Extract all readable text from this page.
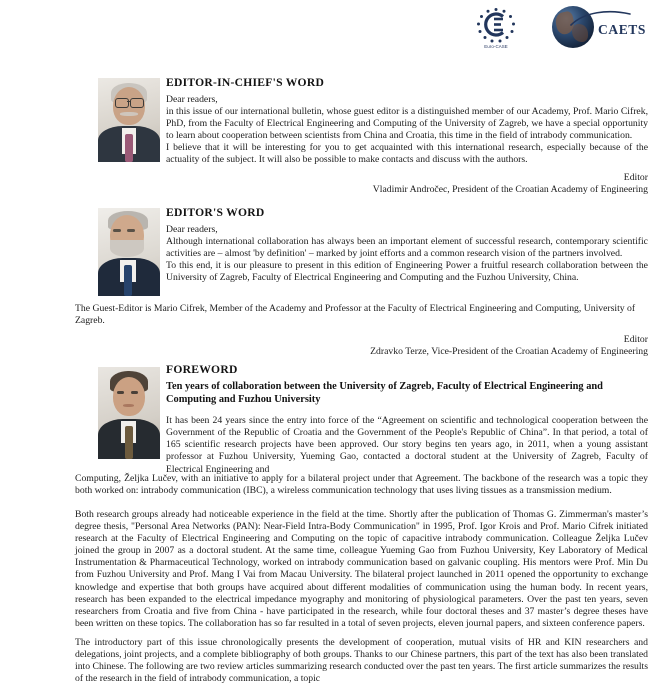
Euro-CASE
CAETS
EDITOR-IN-CHIEF'S WORD

Dear readers,

in this issue of our international bulletin, whose guest editor is a distinguished member of our Academy, Prof. Mario Cifrek, PhD, from the Faculty of Electrical Engineering and Computing of the University of Zagreb, we have a special opportunity to learn about cooperation between scientists from China and Croatia, this time in the field of intrabody communication.

I believe that it will be interesting for you to get acquainted with this international research, especially because of the actuality of the subject. It will also be possible to make contacts and discuss with the authors.

Editor

Vladimir Andročec, President of the Croatian Academy of Engineering

EDITOR'S WORD

Dear readers,

Although international collaboration has always been an important element of successful research, contemporary scientific activities are – almost 'by definition' – marked by joint efforts and a common research vision of the partners involved.

To this end, it is our pleasure to present in this edition of Engineering Power a fruitful research collaboration between the University of Zagreb, Faculty of Electrical Engineering and Computing and the Fuzhou University, China.

The Guest-Editor is Mario Cifrek, Member of the Academy and Professor at the Faculty of Electrical Engineering and Computing, University of Zagreb.

Editor

Zdravko Terze, Vice-President of the Croatian Academy of Engineering

FOREWORD
Ten years of collaboration between the University of Zagreb, Faculty of Electrical Engineering and Computing and Fuzhou University

It has been 24 years since the entry into force of the “Agreement on scientific and technological cooperation between the Government of the Republic of Croatia and the Government of the People's Republic of China”. In that period, a total of 165 scientific research projects have been approved. Our story begins ten years ago, in 2011, when a young assistant professor at Fuzhou University, Yueming Gao, contacted a doctoral student at the University of Zagreb, Faculty of Electrical Engineering and

Computing, Željka Lučev, with an initiative to apply for a bilateral project under that Agreement. The backbone of the research was a topic they both worked on: intrabody communication (IBC), a wireless communication technology that uses living tissues as a transmission medium.

Both research groups already had noticeable experience in the field at the time. Shortly after the publication of Thomas G. Zimmerman's master’s degree thesis, "Personal Area Networks (PAN): Near-Field Intra-Body Communication" in 1995, Prof. Igor Krois and Prof. Mario Cifrek initiated research at the Faculty of Electrical Engineering and Computing on the topic of capacitive intrabody communication. Colleague Željka Lučev joined the group in 2007 as a doctoral student. At the same time, colleague Yueming Gao from Fuzhou University, Key Laboratory of Medical Instrumentation & Pharmaceutical Technology, worked on intrabody communication based on galvanic coupling. His mentors were Prof. Min Du from Fuzhou University and Prof. Mang I Vai from Macau University. The bilateral project launched in 2011 opened the opportunity to exchange knowledge and expertise that both groups have acquired about different modalities of communication using the human body. In recent years, research has been expanded to the electrical impedance myography and monitoring of physiological parameters. Over the past ten years, seven researchers from Croatia and five from China - have participated in the research, while four doctoral theses and 37 master’s degree theses have been written on these topics. The collaboration has so far resulted in a total of seven projects, eleven journal papers, and sixteen conference papers.

The introductory part of this issue chronologically presents the development of cooperation, mutual visits of HR and KIN researchers and delegations, joint projects, and a complete bibliography of both groups. Thanks to our Chinese partners, this part of the text has also been translated into Chinese. The following are two review articles summarizing research conducted over the past ten years. The first article summarizes the results of the research in the field of intrabody communication, a topic
